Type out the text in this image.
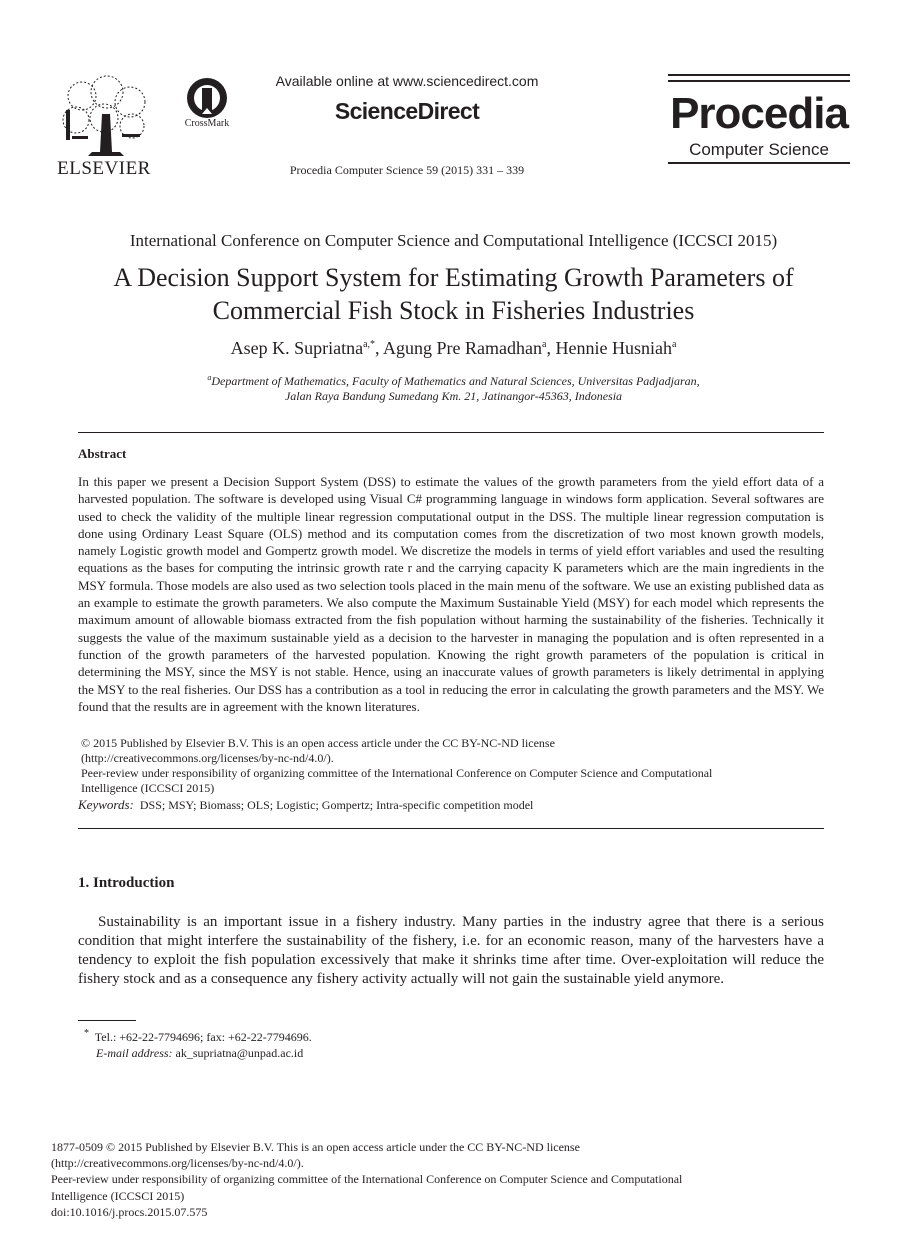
ELSEVIER
CrossMark
Available online at www.sciencedirect.com
ScienceDirect
Procedia Computer Science 59 (2015) 331 – 339
Procedia
Computer Science
International Conference on Computer Science and Computational Intelligence (ICCSCI 2015)
A Decision Support System for Estimating Growth Parameters of
Commercial Fish Stock in Fisheries Industries
Asep K. Supriatna$^{a,*}$, Agung Pre Ramadhan$^a$, Hennie Husniah$^a$
$^a$Department of Mathematics, Faculty of Mathematics and Natural Sciences, Universitas Padjadjaran,
Jalan Raya Bandung Sumedang Km. 21, Jatinangor-45363, Indonesia
Abstract
In this paper we present a Decision Support System (DSS) to estimate the values of the growth parameters from the yield effort data of a harvested population. The software is developed using Visual C# programming language in windows form application. Several softwares are used to check the validity of the multiple linear regression computational output in the DSS. The multiple linear regression computation is done using Ordinary Least Square (OLS) method and its computation comes from the discretization of two most known growth models, namely Logistic growth model and Gompertz growth model. We discretize the models in terms of yield effort variables and used the resulting equations as the bases for computing the intrinsic growth rate r and the carrying capacity K parameters which are the main ingredients in the MSY formula. Those models are also used as two selection tools placed in the main menu of the software. We use an existing published data as an example to estimate the growth parameters. We also compute the Maximum Sustainable Yield (MSY) for each model which represents the maximum amount of allowable biomass extracted from the fish population without harming the sustainability of the fisheries. Technically it suggests the value of the maximum sustainable yield as a decision to the harvester in managing the population and is often represented in a function of the growth parameters of the harvested population. Knowing the right growth parameters of the population is critical in determining the MSY, since the MSY is not stable. Hence, using an inaccurate values of growth parameters is likely detrimental in applying the MSY to the real fisheries. Our DSS has a contribution as a tool in reducing the error in calculating the growth parameters and the MSY. We found that the results are in agreement with the known literatures.
© 2015 Published by Elsevier B.V. This is an open access article under the CC BY-NC-ND license
(http://creativecommons.org/licenses/by-nc-nd/4.0/).
Peer-review under responsibility of organizing committee of the International Conference on Computer Science and Computational
Intelligence (ICCSCI 2015)
Keywords: DSS; MSY; Biomass; OLS; Logistic; Gompertz; Intra-specific competition model
1. Introduction
Sustainability is an important issue in a fishery industry. Many parties in the industry agree that there is a serious condition that might interfere the sustainability of the fishery, i.e. for an economic reason, many of the harvesters have a tendency to exploit the fish population excessively that make it shrinks time after time. Over-exploitation will reduce the fishery stock and as a consequence any fishery activity actually will not gain the sustainable yield anymore.
* Tel.: +62-22-7794696; fax: +62-22-7794696.
E-mail address: ak_supriatna@unpad.ac.id
1877-0509 © 2015 Published by Elsevier B.V. This is an open access article under the CC BY-NC-ND license
(http://creativecommons.org/licenses/by-nc-nd/4.0/).
Peer-review under responsibility of organizing committee of the International Conference on Computer Science and Computational
Intelligence (ICCSCI 2015)
doi:10.1016/j.procs.2015.07.575
